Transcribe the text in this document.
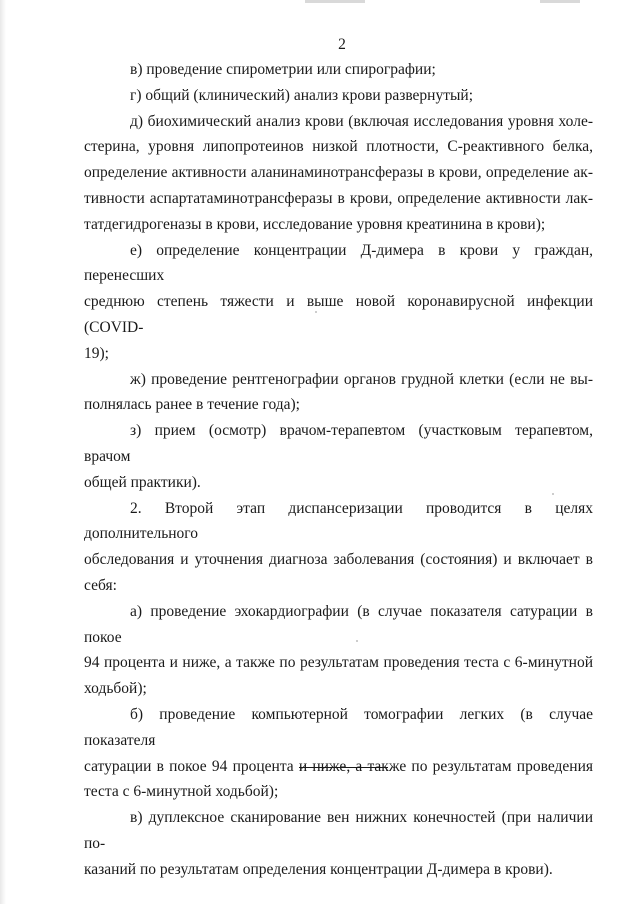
2

в) проведение спирометрии или спирографии;

г) общий (клинический) анализ крови развернутый;

д) биохимический анализ крови (включая исследования уровня холе-
стерина, уровня липопротеинов низкой плотности, С-реактивного белка,
определение активности аланинаминотрансферазы в крови, определение ак-
тивности аспартатаминотрансферазы в крови, определение активности лак-
татдегидрогеназы в крови, исследование уровня креатинина в крови);

е) определение концентрации Д-димера в крови у граждан, перенесших
среднюю степень тяжести и выше новой коронавирусной инфекции (COVID-
19);

ж) проведение рентгенографии органов грудной клетки (если не вы-
полнялась ранее в течение года);

з) прием (осмотр) врачом-терапевтом (участковым терапевтом, врачом
общей практики).

2. Второй этап диспансеризации проводится в целях дополнительного
обследования и уточнения диагноза заболевания (состояния) и включает в
себя:

а) проведение эхокардиографии (в случае показателя сатурации в покое
94 процента и ниже, а также по результатам проведения теста с 6-минутной
ходьбой);

б) проведение компьютерной томографии легких (в случае показателя
сатурации в покое 94 процента и ниже, а также по результатам проведения
теста с 6-минутной ходьбой);

в) дуплексное сканирование вен нижних конечностей (при наличии по-
казаний по результатам определения концентрации Д-димера в крови).
